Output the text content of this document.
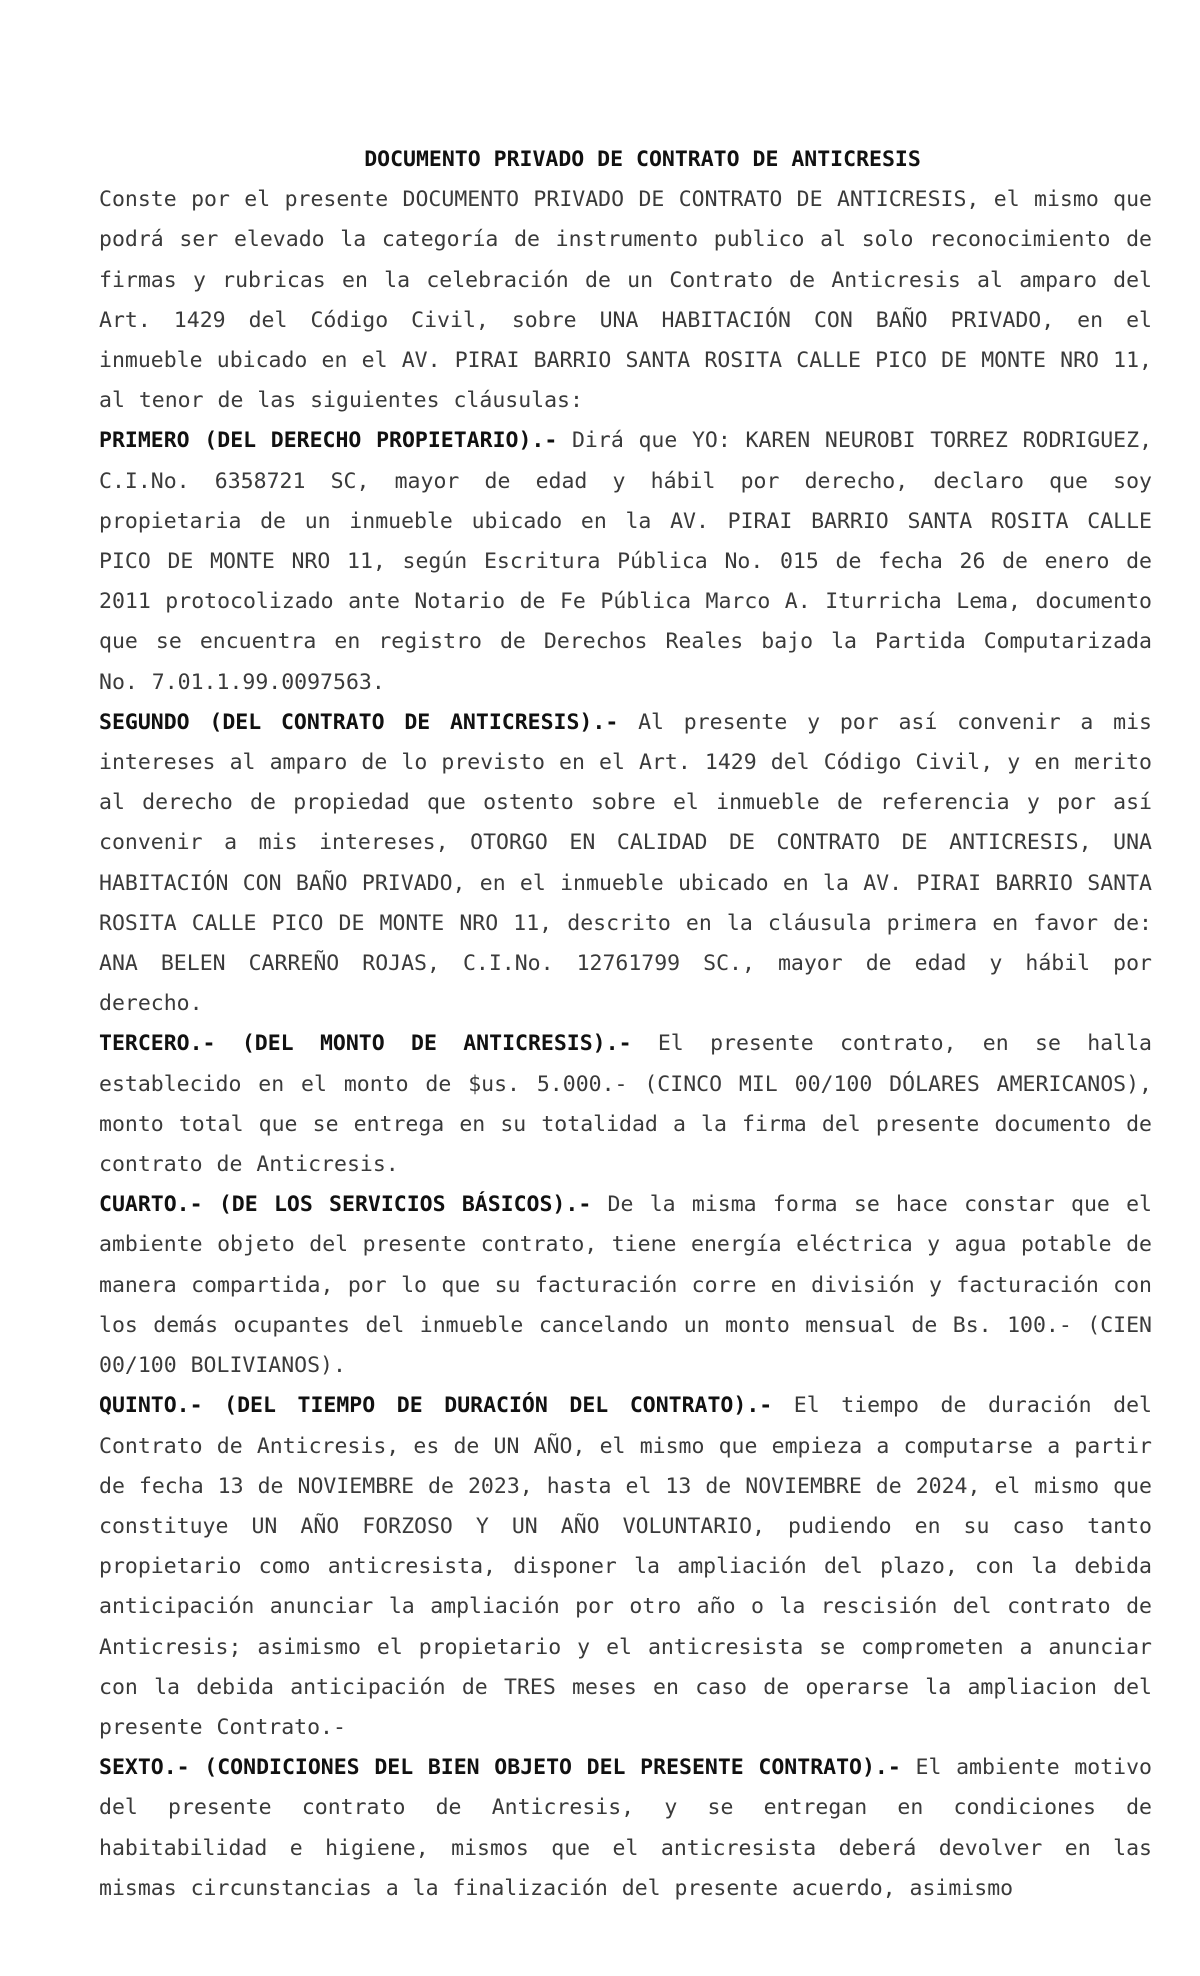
DOCUMENTO PRIVADO DE CONTRATO DE ANTICRESIS

Conste por el presente DOCUMENTO PRIVADO DE CONTRATO DE ANTICRESIS, el mismo que podrá ser elevado la categoría de instrumento publico al solo reconocimiento de firmas y rubricas en la celebración de un Contrato de Anticresis al amparo del Art. 1429 del Código Civil, sobre UNA HABITACIÓN CON BAÑO PRIVADO, en el inmueble ubicado en el AV. PIRAI BARRIO SANTA ROSITA CALLE PICO DE MONTE NRO 11, al tenor de las siguientes cláusulas:

PRIMERO (DEL DERECHO PROPIETARIO).- Dirá que YO: KAREN NEUROBI TORREZ RODRIGUEZ, C.I.No. 6358721 SC, mayor de edad y hábil por derecho, declaro que soy propietaria de un inmueble ubicado en la AV. PIRAI BARRIO SANTA ROSITA CALLE PICO DE MONTE NRO 11, según Escritura Pública No. 015 de fecha 26 de enero de 2011 protocolizado ante Notario de Fe Pública Marco A. Iturricha Lema, documento que se encuentra en registro de Derechos Reales bajo la Partida Computarizada No. 7.01.1.99.0097563.

SEGUNDO (DEL CONTRATO DE ANTICRESIS).- Al presente y por así convenir a mis intereses al amparo de lo previsto en el Art. 1429 del Código Civil, y en merito al derecho de propiedad que ostento sobre el inmueble de referencia y por así convenir a mis intereses, OTORGO EN CALIDAD DE CONTRATO DE ANTICRESIS, UNA HABITACIÓN CON BAÑO PRIVADO, en el inmueble ubicado en la AV. PIRAI BARRIO SANTA ROSITA CALLE PICO DE MONTE NRO 11, descrito en la cláusula primera en favor de: ANA BELEN CARREÑO ROJAS, C.I.No. 12761799 SC., mayor de edad y hábil por derecho.

TERCERO.- (DEL MONTO DE ANTICRESIS).- El presente contrato, en se halla establecido en el monto de $us. 5.000.- (CINCO MIL 00/100 DÓLARES AMERICANOS), monto total que se entrega en su totalidad a la firma del presente documento de contrato de Anticresis.

CUARTO.- (DE LOS SERVICIOS BÁSICOS).- De la misma forma se hace constar que el ambiente objeto del presente contrato, tiene energía eléctrica y agua potable de manera compartida, por lo que su facturación corre en división y facturación con los demás ocupantes del inmueble cancelando un monto mensual de Bs. 100.- (CIEN 00/100 BOLIVIANOS).

QUINTO.- (DEL TIEMPO DE DURACIÓN DEL CONTRATO).- El tiempo de duración del Contrato de Anticresis, es de UN AÑO, el mismo que empieza a computarse a partir de fecha 13 de NOVIEMBRE de 2023, hasta el 13 de NOVIEMBRE de 2024, el mismo que constituye UN AÑO FORZOSO Y UN AÑO VOLUNTARIO, pudiendo en su caso tanto propietario como anticresista, disponer la ampliación del plazo, con la debida anticipación anunciar la ampliación por otro año o la rescisión del contrato de Anticresis; asimismo el propietario y el anticresista se comprometen a anunciar con la debida anticipación de TRES meses en caso de operarse la ampliacion del presente Contrato.-

SEXTO.- (CONDICIONES DEL BIEN OBJETO DEL PRESENTE CONTRATO).- El ambiente motivo del presente contrato de Anticresis, y se entregan en condiciones de habitabilidad e higiene, mismos que el anticresista deberá devolver en las mismas circunstancias a la finalización del presente acuerdo, asimismo
